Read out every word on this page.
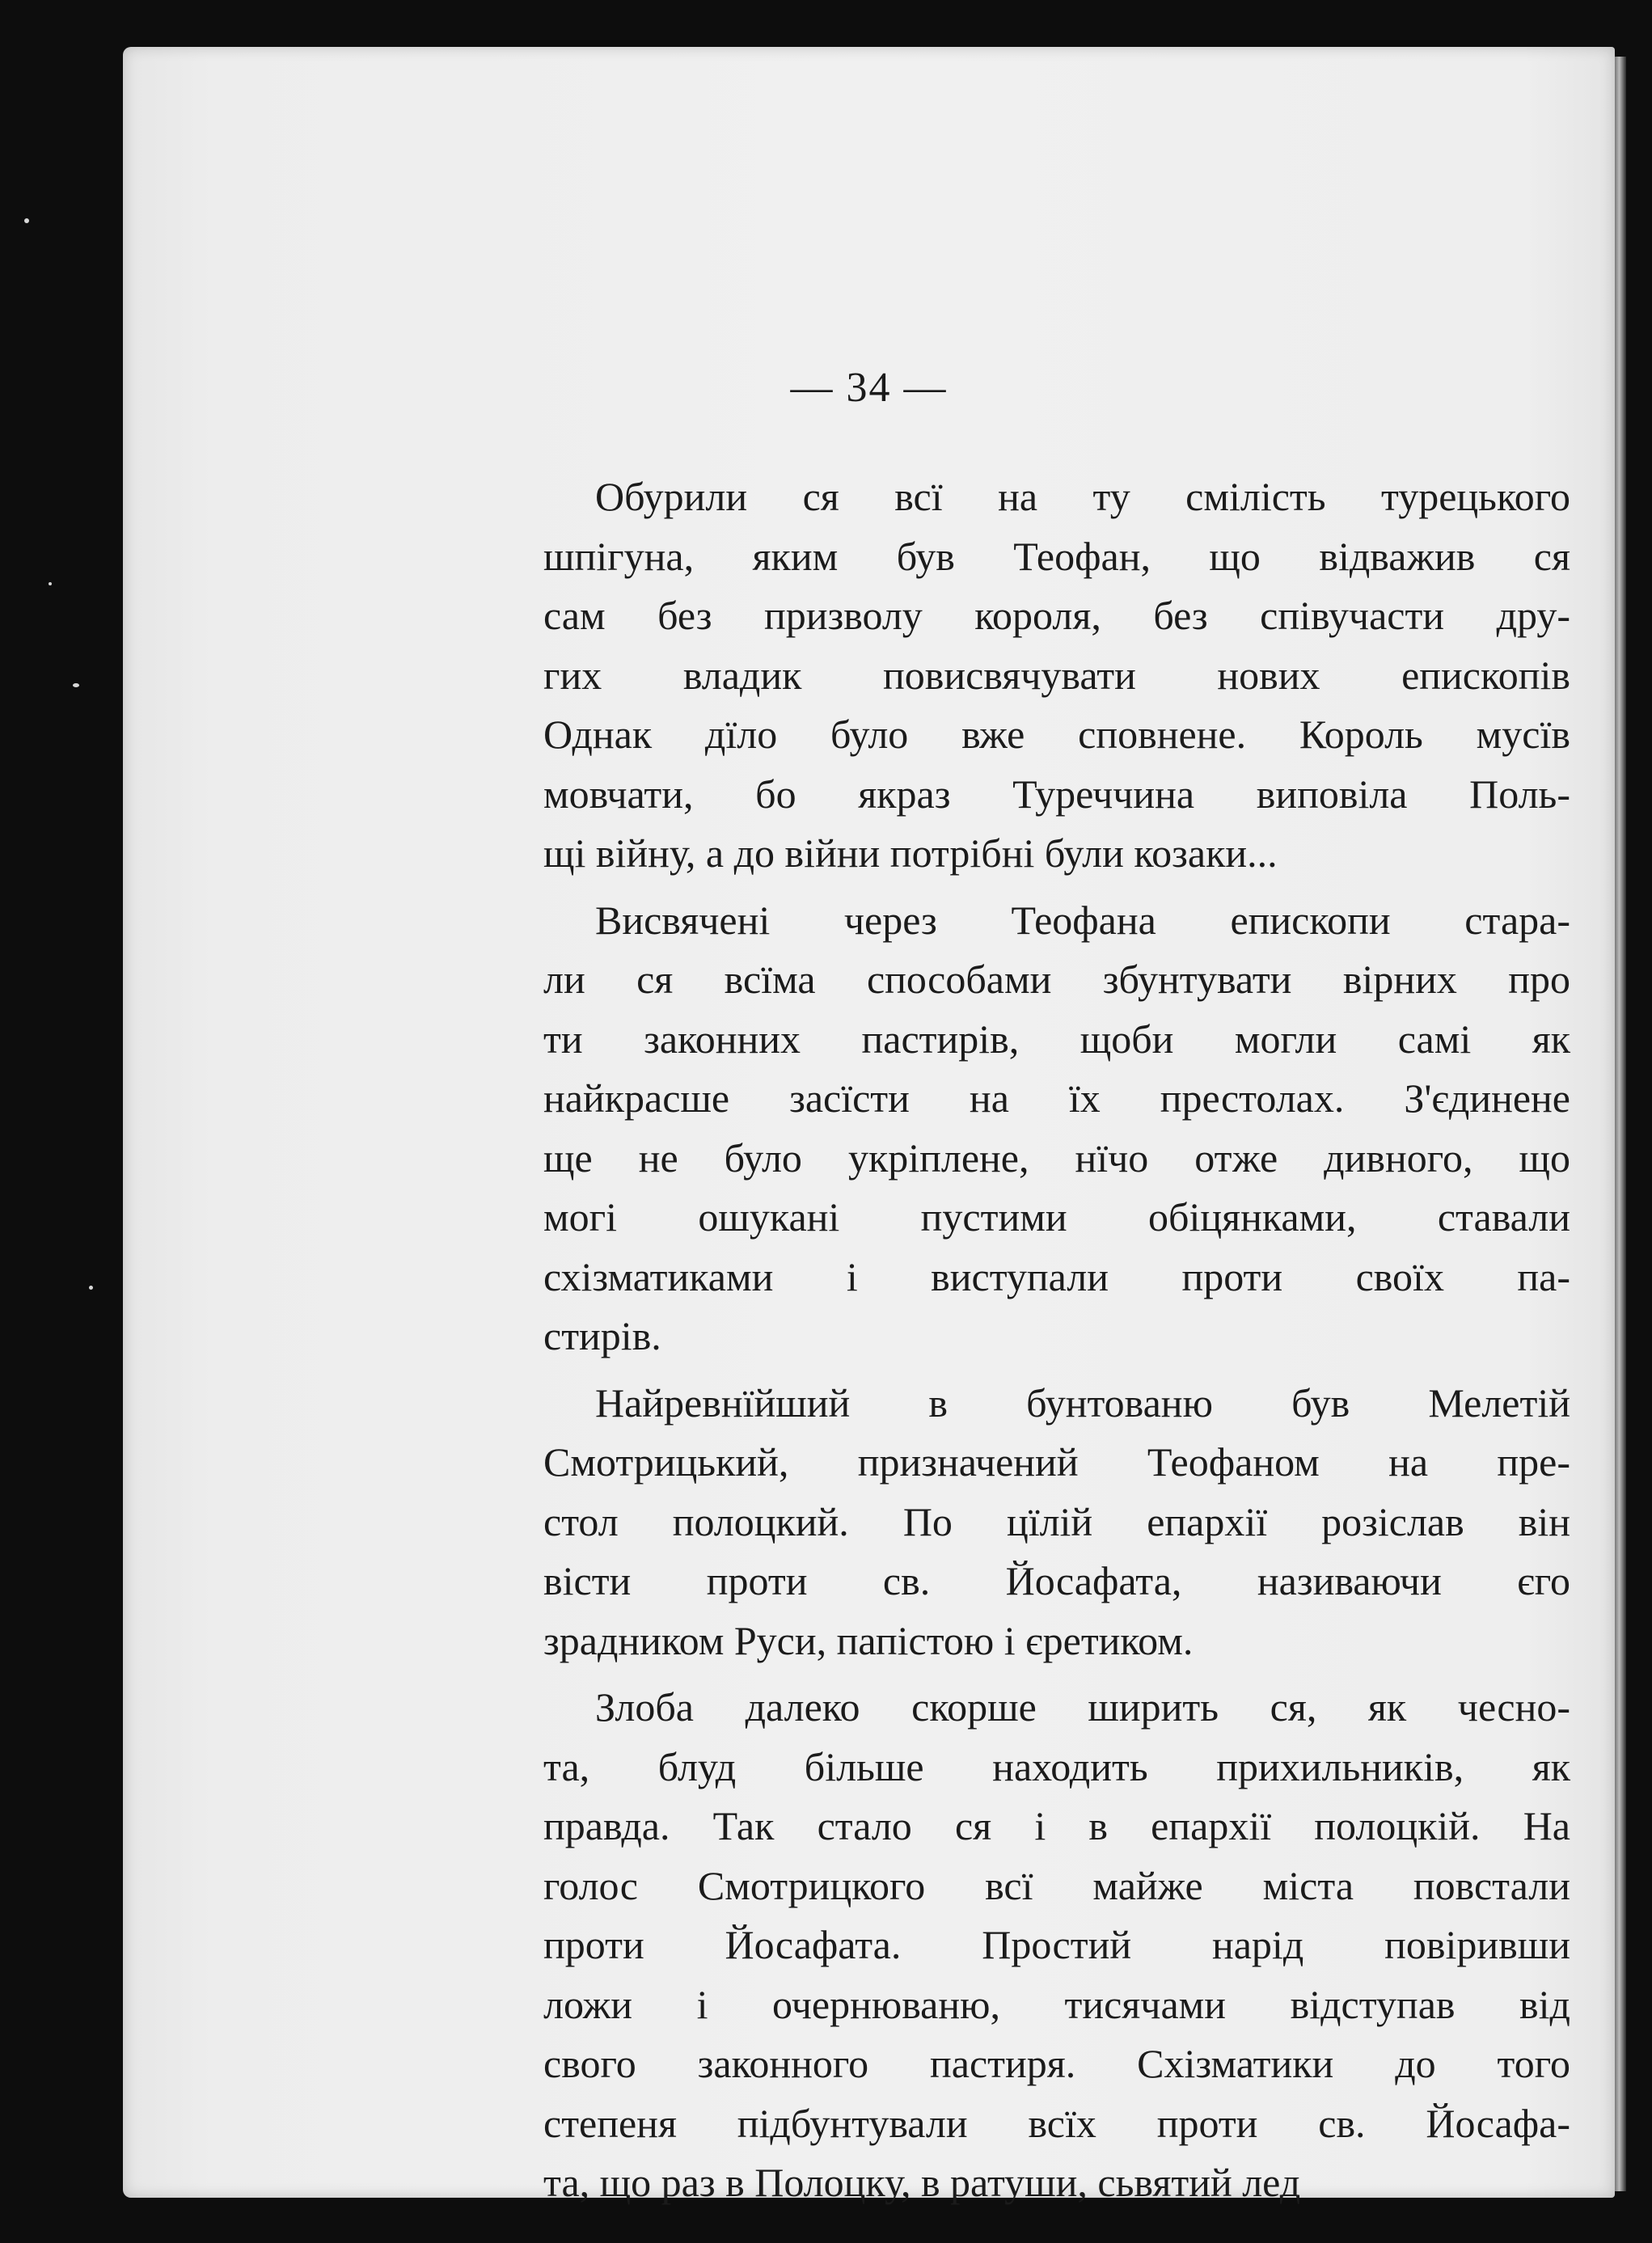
— 34 —
Обурили ся всї на ту смілість турецького
шпігуна, яким був Теофан, що відважив ся
сам без призволу короля, без співучасти дру-
гих владик повисвячувати нових епископів
Однак дїло було вже сповнене. Король мусїв
мовчати, бо якраз Туреччина виповіла Поль-
щі війну, а до війни потрібні були козаки...
Висвячені через Теофана епископи стара-
ли ся всїма способами збунтувати вірних про
ти законних пастирів, щоби могли самі як
найкрасше засїсти на їх престолах. З'єдинене
ще не було укріплене, нїчо отже дивного, що
могі ошукані пустими обіцянками, ставали
схізматиками і виступали проти своїх па-
стирів.
Найревнїйший в бунтованю був Мелетій
Смотрицький, призначений Теофаном на пре-
стол полоцкий. По цїлій епархії розіслав він
вісти проти св. Йосафата, називаючи єго
зрадником Руси, папістою і єретиком.
Злоба далеко скорше ширить ся, як чесно-
та, блуд більше находить прихильників, як
правда. Так стало ся і в епархії полоцкій. На
голос Смотрицкого всї майже міста повстали
проти Йосафата. Простий нарід повіривши
ложи і очернюваню, тисячами відступав від
свого законного пастиря. Схізматики до того
степеня підбунтували всїх проти св. Йосафа-
та, що раз в Полоцку, в ратуши, сьвятий лед
